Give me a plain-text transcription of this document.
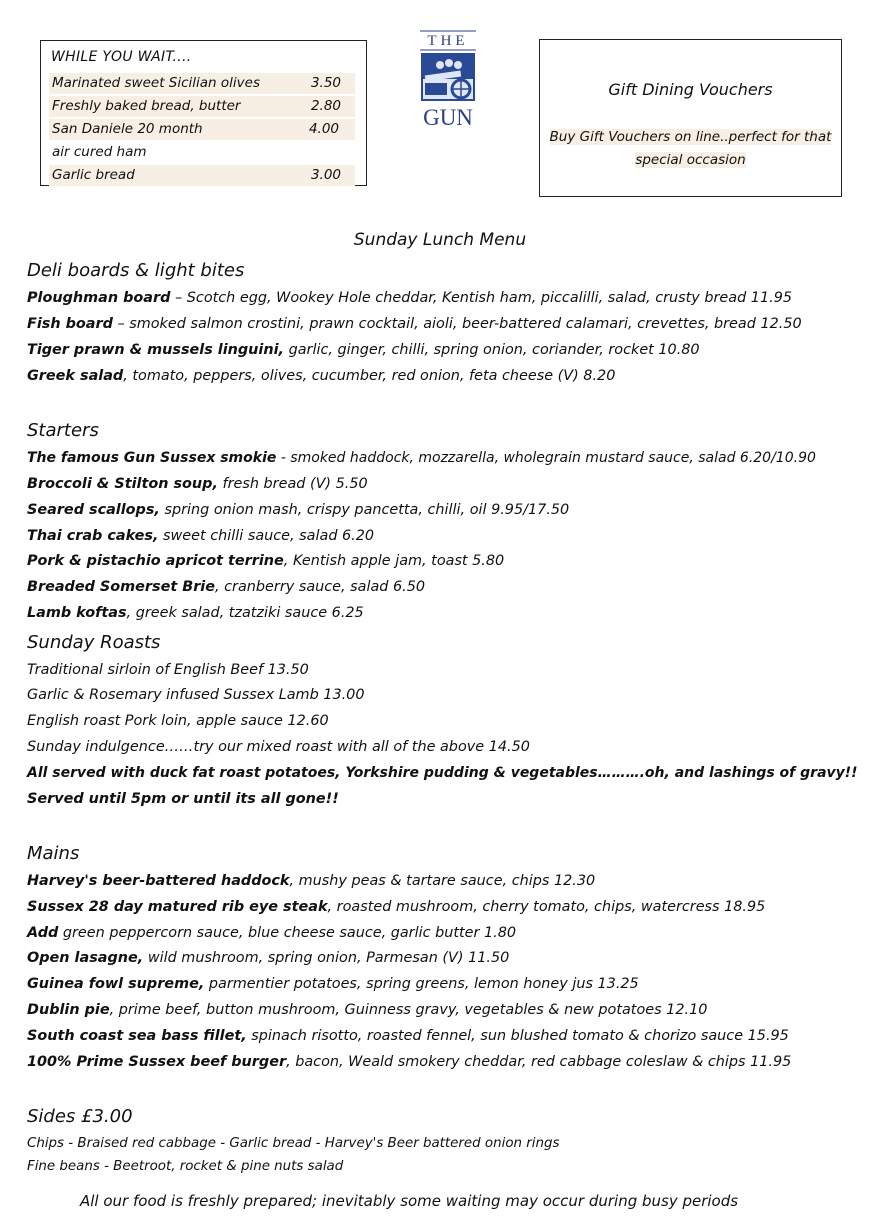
WHILE YOU WAIT....
Marinated sweet Sicilian olives	3.50
Freshly baked bread, butter	2.80
San Daniele 20 month	4.00
air cured ham
Garlic bread	3.00
THE
GUN
Gift Dining Vouchers
Buy Gift Vouchers on line..perfect for that
special occasion
Sunday Lunch Menu
Deli boards & light bites
Ploughman board – Scotch egg, Wookey Hole cheddar, Kentish ham, piccalilli, salad, crusty bread 11.95
Fish board – smoked salmon crostini, prawn cocktail, aioli, beer-battered calamari, crevettes, bread 12.50
Tiger prawn & mussels linguini, garlic, ginger, chilli, spring onion, coriander, rocket 10.80
Greek salad, tomato, peppers, olives, cucumber, red onion, feta cheese (V) 8.20
Starters
The famous Gun Sussex smokie - smoked haddock, mozzarella, wholegrain mustard sauce, salad 6.20/10.90
Broccoli & Stilton soup, fresh bread (V) 5.50
Seared scallops, spring onion mash, crispy pancetta, chilli, oil 9.95/17.50
Thai crab cakes, sweet chilli sauce, salad 6.20
Pork & pistachio apricot terrine, Kentish apple jam, toast 5.80
Breaded Somerset Brie, cranberry sauce, salad 6.50
Lamb koftas, greek salad, tzatziki sauce 6.25
Sunday Roasts
Traditional sirloin of English Beef 13.50
Garlic & Rosemary infused Sussex Lamb 13.00
English roast Pork loin, apple sauce 12.60
Sunday indulgence……try our mixed roast with all of the above 14.50
All served with duck fat roast potatoes, Yorkshire pudding & vegetables……….oh, and lashings of gravy!!
Served until 5pm or until its all gone!!
Mains
Harvey's beer-battered haddock, mushy peas & tartare sauce, chips 12.30
Sussex 28 day matured rib eye steak, roasted mushroom, cherry tomato, chips, watercress 18.95
Add green peppercorn sauce, blue cheese sauce, garlic butter 1.80
Open lasagne, wild mushroom, spring onion, Parmesan (V) 11.50
Guinea fowl supreme, parmentier potatoes, spring greens, lemon honey jus 13.25
Dublin pie, prime beef, button mushroom, Guinness gravy, vegetables & new potatoes 12.10
South coast sea bass fillet, spinach risotto, roasted fennel, sun blushed tomato & chorizo sauce 15.95
100% Prime Sussex beef burger, bacon, Weald smokery cheddar, red cabbage coleslaw & chips 11.95
Sides £3.00
Chips - Braised red cabbage - Garlic bread - Harvey's Beer battered onion rings
Fine beans - Beetroot, rocket & pine nuts salad
All our food is freshly prepared; inevitably some waiting may occur during busy periods
